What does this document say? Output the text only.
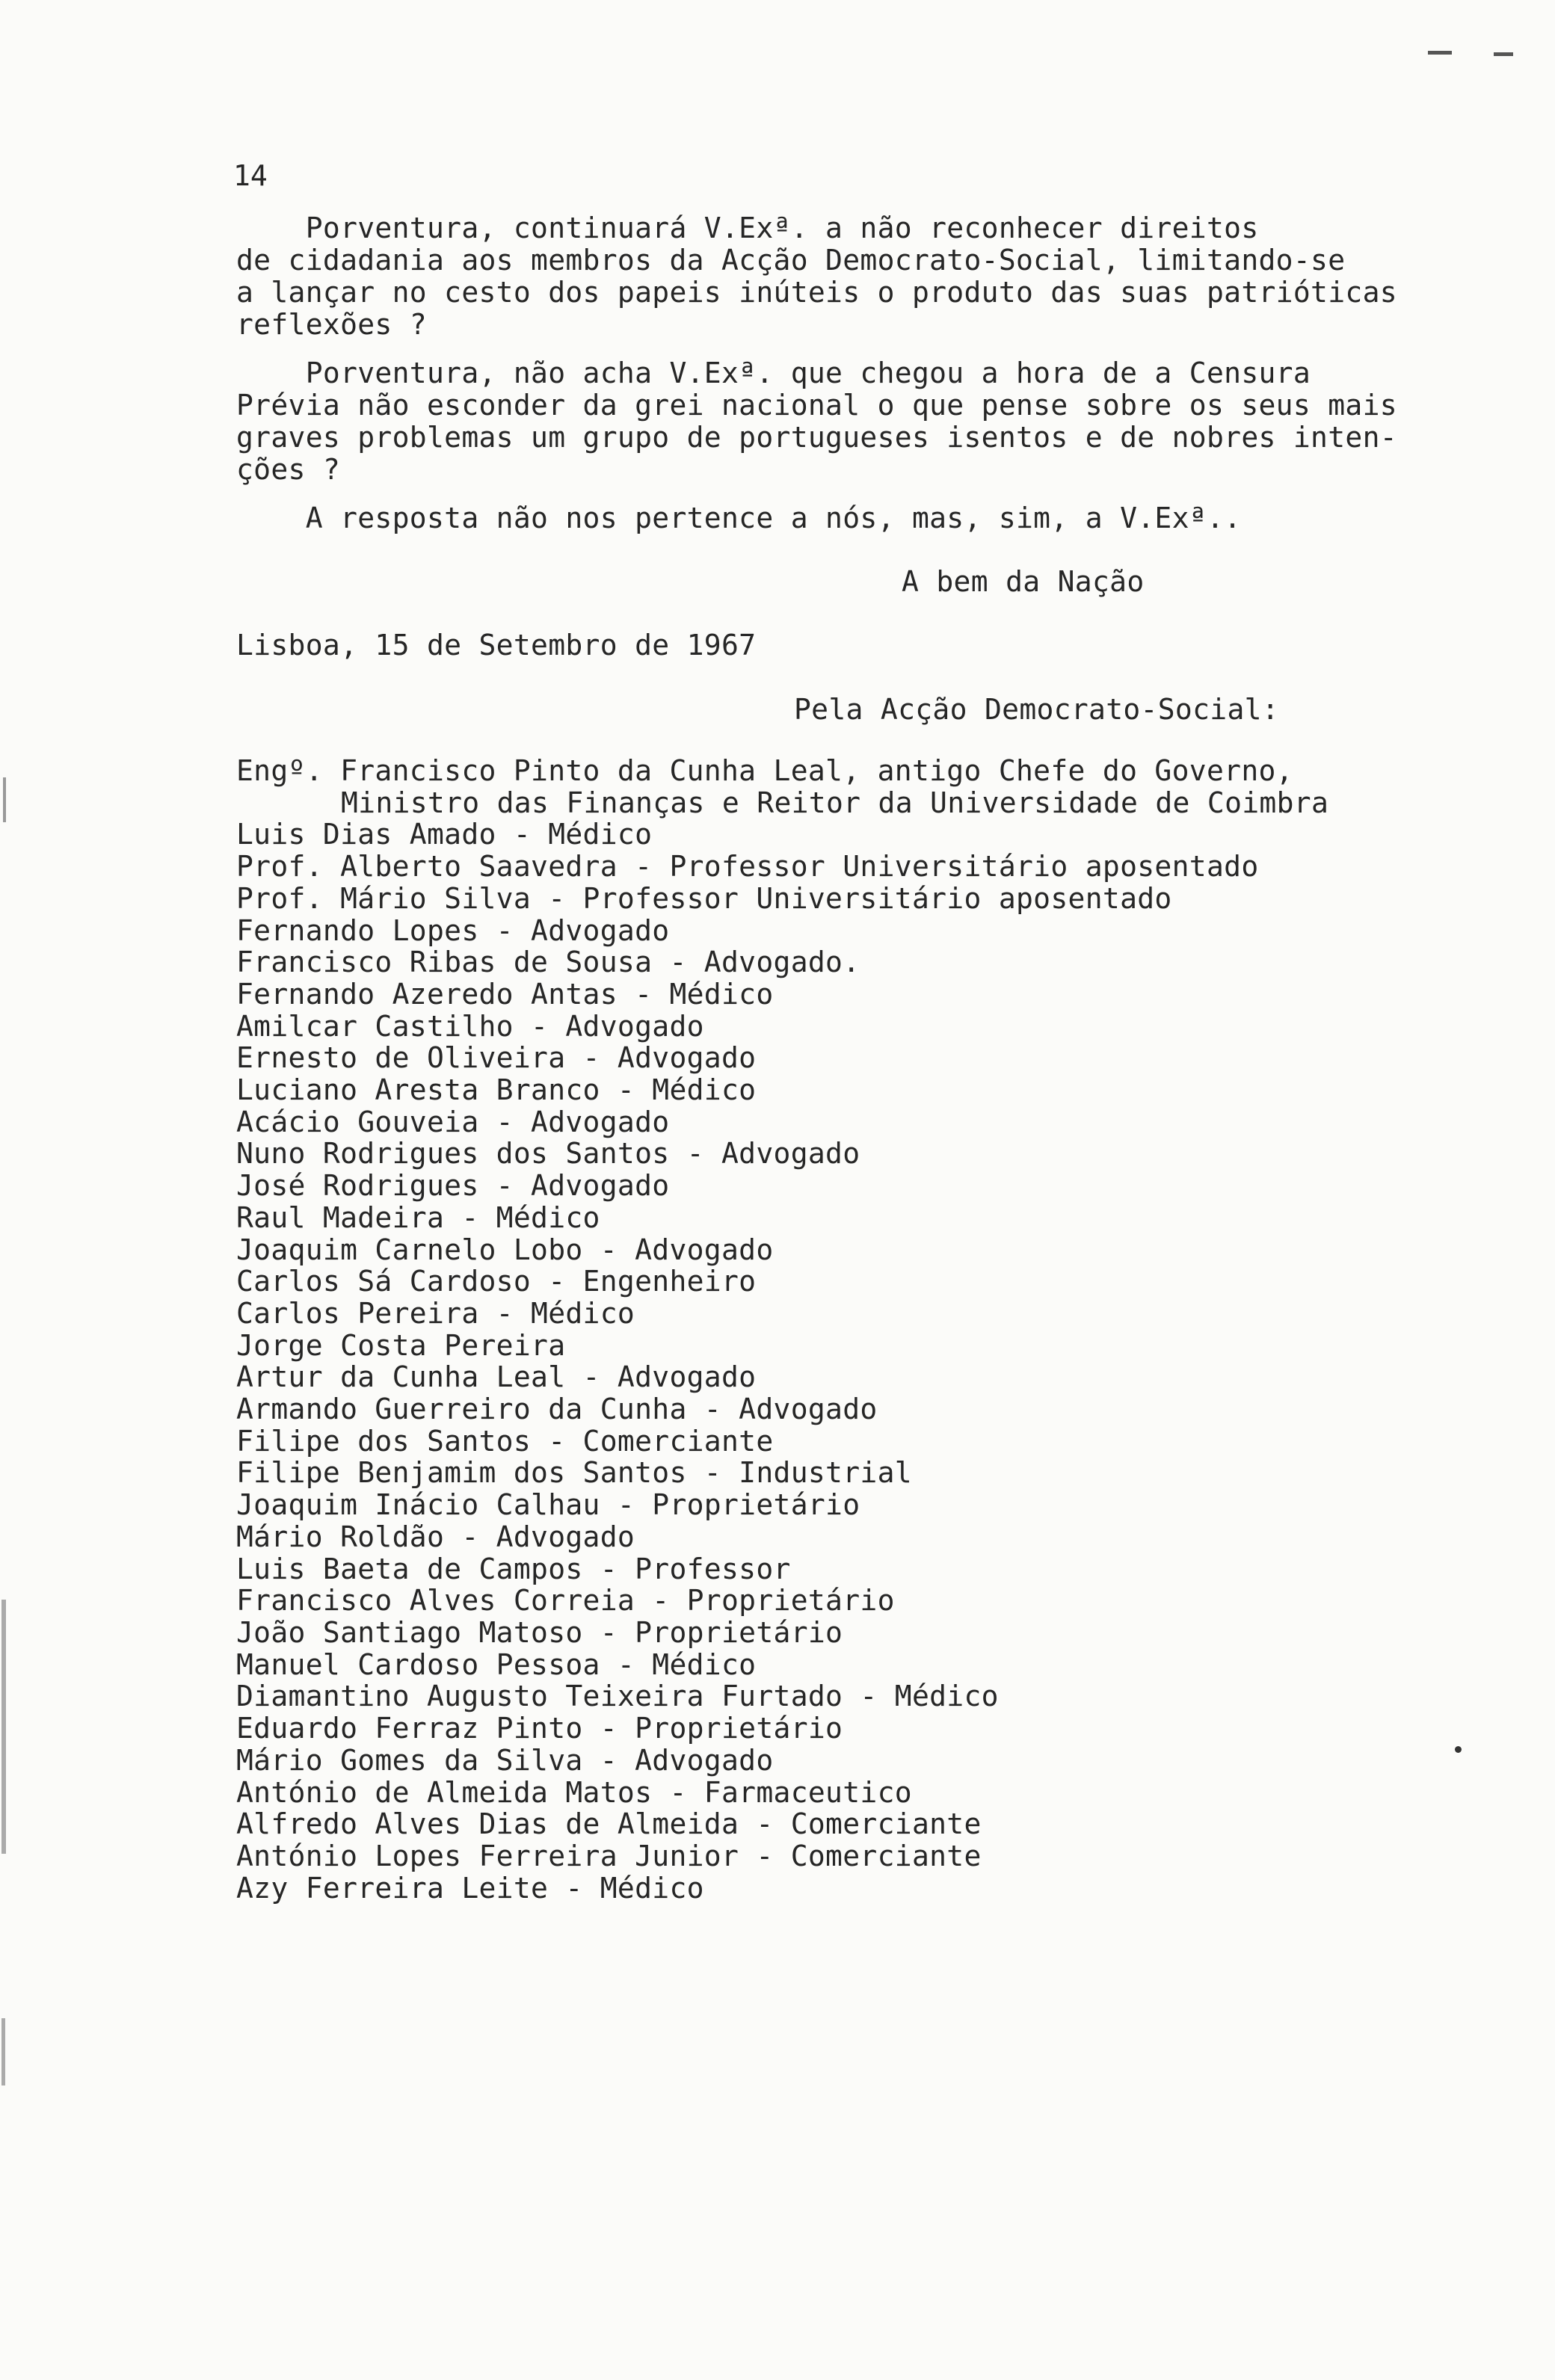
14
Porventura, continuará V.Exª. a não reconhecer direitos
de cidadania aos membros da Acção Democrato-Social, limitando-se
a lançar no cesto dos papeis inúteis o produto das suas patrióticas
reflexões ?
Porventura, não acha V.Exª. que chegou a hora de a Censura
Prévia não esconder da grei nacional o que pense sobre os seus mais
graves problemas um grupo de portugueses isentos e de nobres inten-
ções ?
A resposta não nos pertence a nós, mas, sim, a V.Exª..
A bem da Nação
Lisboa, 15 de Setembro de 1967
Pela Acção Democrato-Social:
Engº. Francisco Pinto da Cunha Leal, antigo Chefe do Governo,
Ministro das Finanças e Reitor da Universidade de Coimbra
Luis Dias Amado - Médico
Prof. Alberto Saavedra - Professor Universitário aposentado
Prof. Mário Silva - Professor Universitário aposentado
Fernando Lopes - Advogado
Francisco Ribas de Sousa - Advogado.
Fernando Azeredo Antas - Médico
Amilcar Castilho - Advogado
Ernesto de Oliveira - Advogado
Luciano Aresta Branco - Médico
Acácio Gouveia - Advogado
Nuno Rodrigues dos Santos - Advogado
José Rodrigues - Advogado
Raul Madeira - Médico
Joaquim Carnelo Lobo - Advogado
Carlos Sá Cardoso - Engenheiro
Carlos Pereira - Médico
Jorge Costa Pereira
Artur da Cunha Leal - Advogado
Armando Guerreiro da Cunha - Advogado
Filipe dos Santos - Comerciante
Filipe Benjamim dos Santos - Industrial
Joaquim Inácio Calhau - Proprietário
Mário Roldão - Advogado
Luis Baeta de Campos - Professor
Francisco Alves Correia - Proprietário
João Santiago Matoso - Proprietário
Manuel Cardoso Pessoa - Médico
Diamantino Augusto Teixeira Furtado - Médico
Eduardo Ferraz Pinto - Proprietário
Mário Gomes da Silva - Advogado
António de Almeida Matos - Farmaceutico
Alfredo Alves Dias de Almeida - Comerciante
António Lopes Ferreira Junior - Comerciante
Azy Ferreira Leite - Médico
